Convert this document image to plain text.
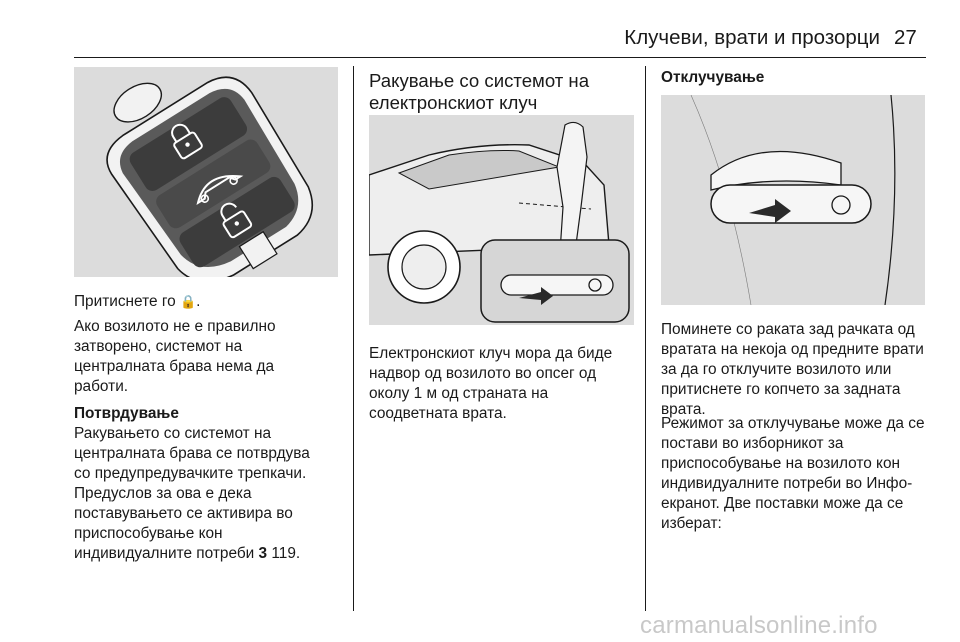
Клучеви, врати и прозорци 27
Притиснете го 🔒.
Ако возилото не е правилно затворено, системот на централната брава нема да работи.
Потврдување

Ракувањето со системот на

централната брава се потврдува

со предупредувачките трепкачи.

Предуслов за ова е дека

поставувањето се активира во

приспособување кон

индивидуалните потреби 3 119.

Ракување со системот на електронскиот клуч
Електронскиот клуч мора да биде надвор од возилото во опсег од околу 1 м од страната на соодветната врата.
Отклучување
Поминете со раката зад рачката од вратата на некоја од предните врати за да го отклучите возилото или притиснете го копчето за задната врата.
Режимот за отклучување може да се постави во изборникот за приспособување на возилото кон индивидуалните потреби во Инфо-екранот. Две поставки може да се изберат:
carmanualsonline.info
